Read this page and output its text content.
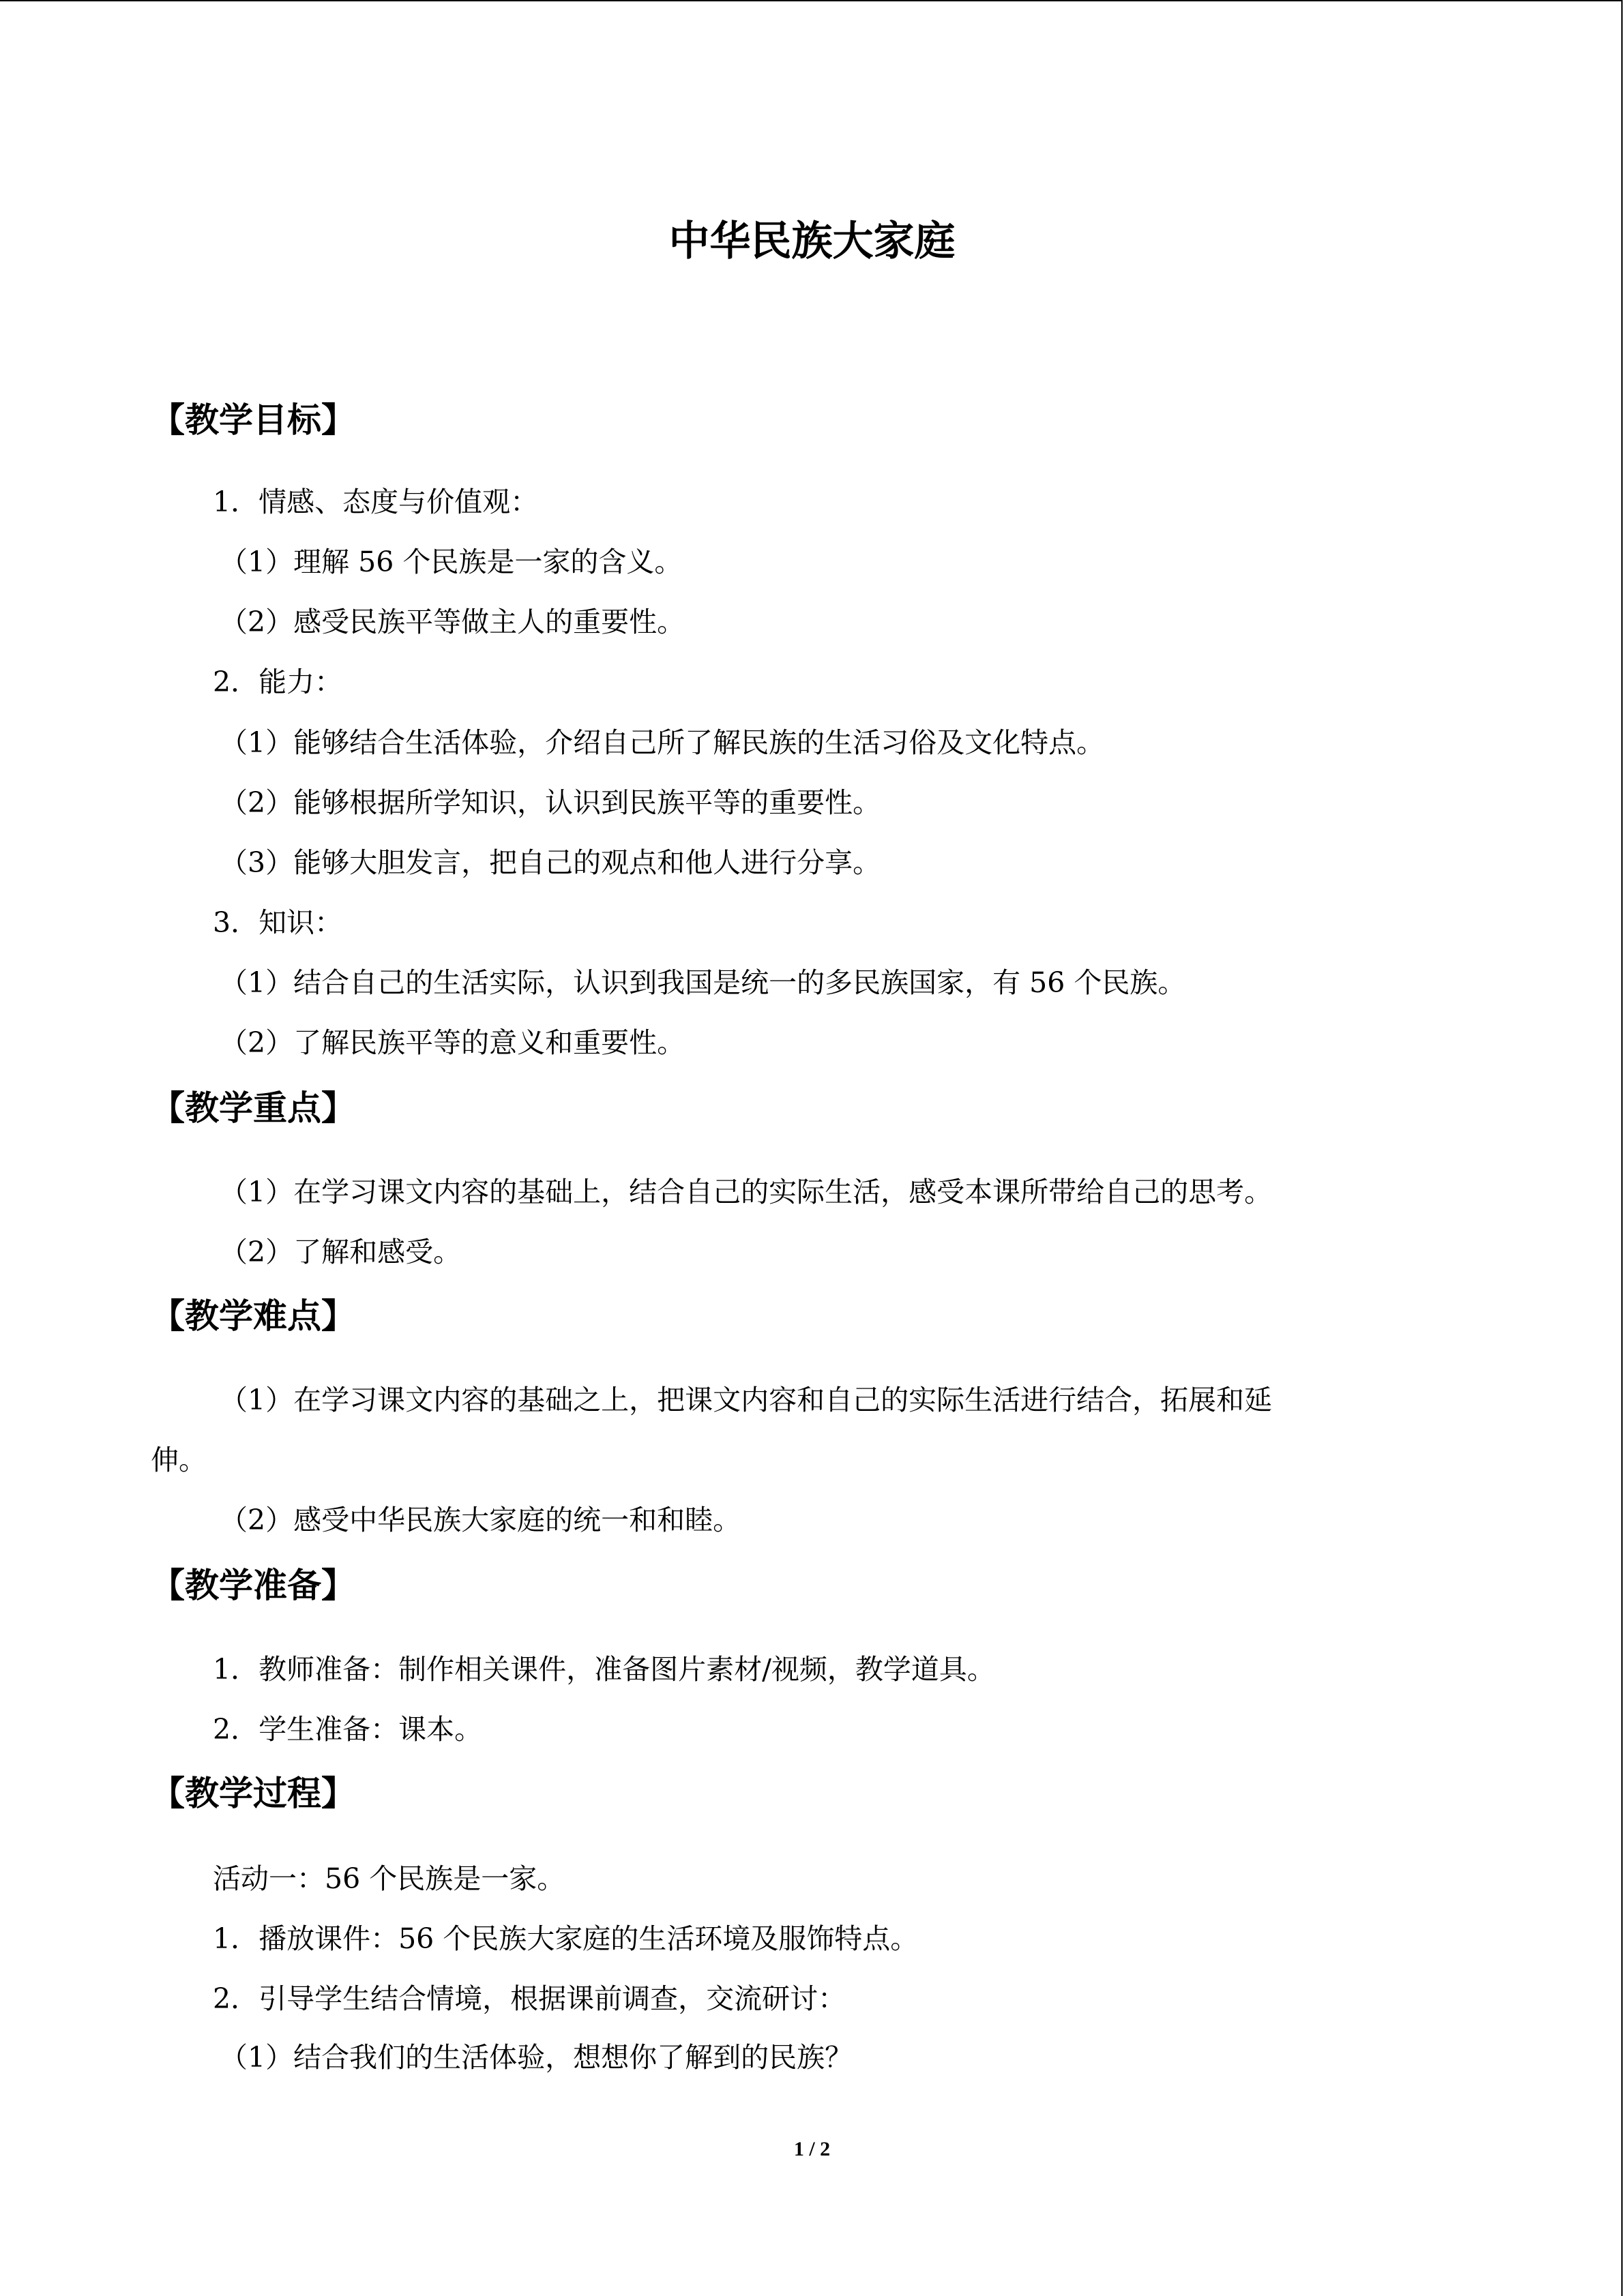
中华民族大家庭
【教学目标】
1．情感、态度与价值观：
（1）理解 56 个民族是一家的含义。
（2）感受民族平等做主人的重要性。
2．能力：
（1）能够结合生活体验，介绍自己所了解民族的生活习俗及文化特点。
（2）能够根据所学知识，认识到民族平等的重要性。
（3）能够大胆发言，把自己的观点和他人进行分享。
3．知识：
（1）结合自己的生活实际，认识到我国是统一的多民族国家，有 56 个民族。
（2）了解民族平等的意义和重要性。
【教学重点】
（1）在学习课文内容的基础上，结合自己的实际生活，感受本课所带给自己的思考。
（2）了解和感受。
【教学难点】
（1）在学习课文内容的基础之上，把课文内容和自己的实际生活进行结合，拓展和延
伸。
（2）感受中华民族大家庭的统一和和睦。
【教学准备】
1．教师准备：制作相关课件，准备图片素材/视频，教学道具。
2．学生准备：课本。
【教学过程】
活动一：56 个民族是一家。
1．播放课件：56 个民族大家庭的生活环境及服饰特点。
2．引导学生结合情境，根据课前调查，交流研讨：
（1）结合我们的生活体验，想想你了解到的民族？
1 / 2
